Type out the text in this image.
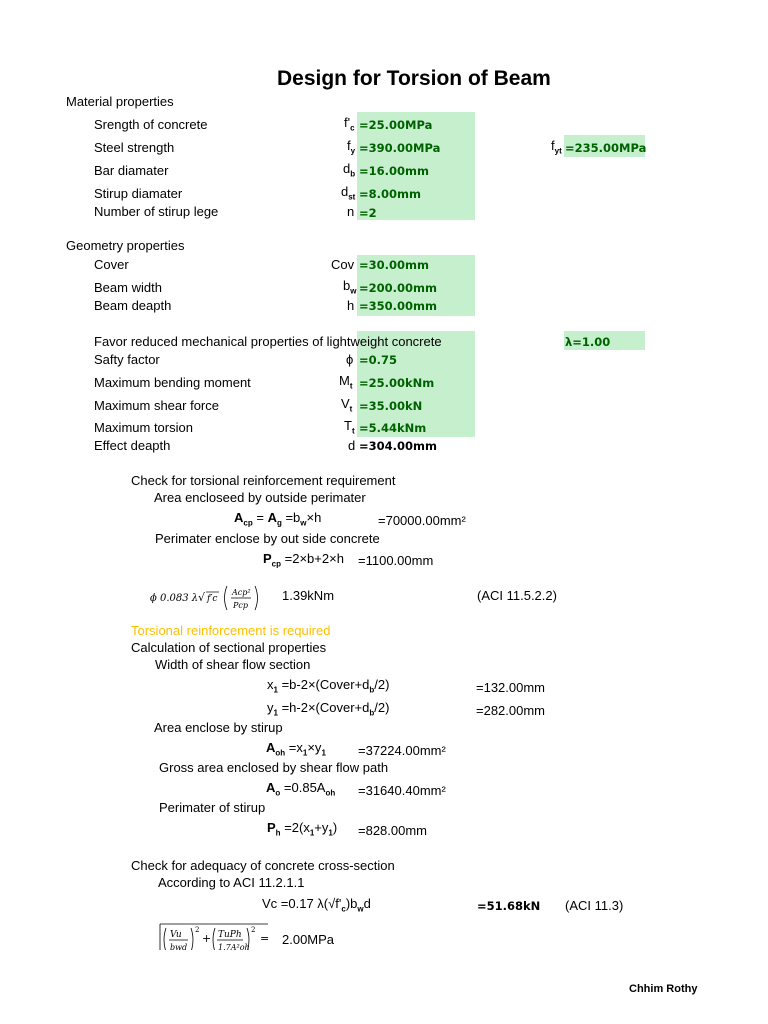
Design for Torsion of Beam
Material properties
Srength of concrete	$f'_c =25.00MPa$
Steel strength	$f_y =390.00MPa$	$f_{yt} =235.00MPa$
Bar diamater	$d_b =16.00mm$
Stirup diamater	$d_{st} =8.00mm$
Number of stirup lege	n =2
Geometry properties
Cover	Cov =30.00mm
Beam width	$b_w =200.00mm$
Beam deapth	h =350.00mm
Favor reduced mechanical properties of lightweight concrete	λ=1.00
Safty factor	ϕ =0.75
Maximum bending moment	$M_t =25.00kNm$
Maximum shear force	$V_t =35.00kN$
Maximum torsion	$T_t =5.44kNm$
Effect deapth	d =304.00mm
Check for torsional reinforcement requirement
Area encloseed by outside perimater
$A_{cp} = A_g =b_w\times h$	=70000.00mm²
Perimater enclose by out side concrete
$P_{cp} =2\times b+2\times h =1100.00mm$
ϕ 0.083 λ √ f′c
Acp²
Pcp
1.39kNm	(ACI 11.5.2.2)
Torsional reinforcement is required
Calculation of sectional properties
Width of shear flow section
$x_1$ $=b-2\times(Cover+d_b/2)$	=132.00mm
$y_1$ $=h-2\times(Cover+d_b/2)$	=282.00mm
Area enclose by stirup
$A_{oh} =x_1\times y_1 =37224.00mm^2$
Gross area enclosed by shear flow path
$A_o =0.85A_{oh} =31640.40mm^2$
Perimater of stirup
$P_h =2(x_1+y_1) =828.00mm$
Check for adequacy of concrete cross-section
According to ACI 11.2.1.1
Vc =0.17 $\lambda(√f'_c)b_wd$	=51.68kN (ACI 11.3)
Vu
bwd
2
+ TuPh
1.7A²oh
2
= 2.00MPa
Chhim Rothy
